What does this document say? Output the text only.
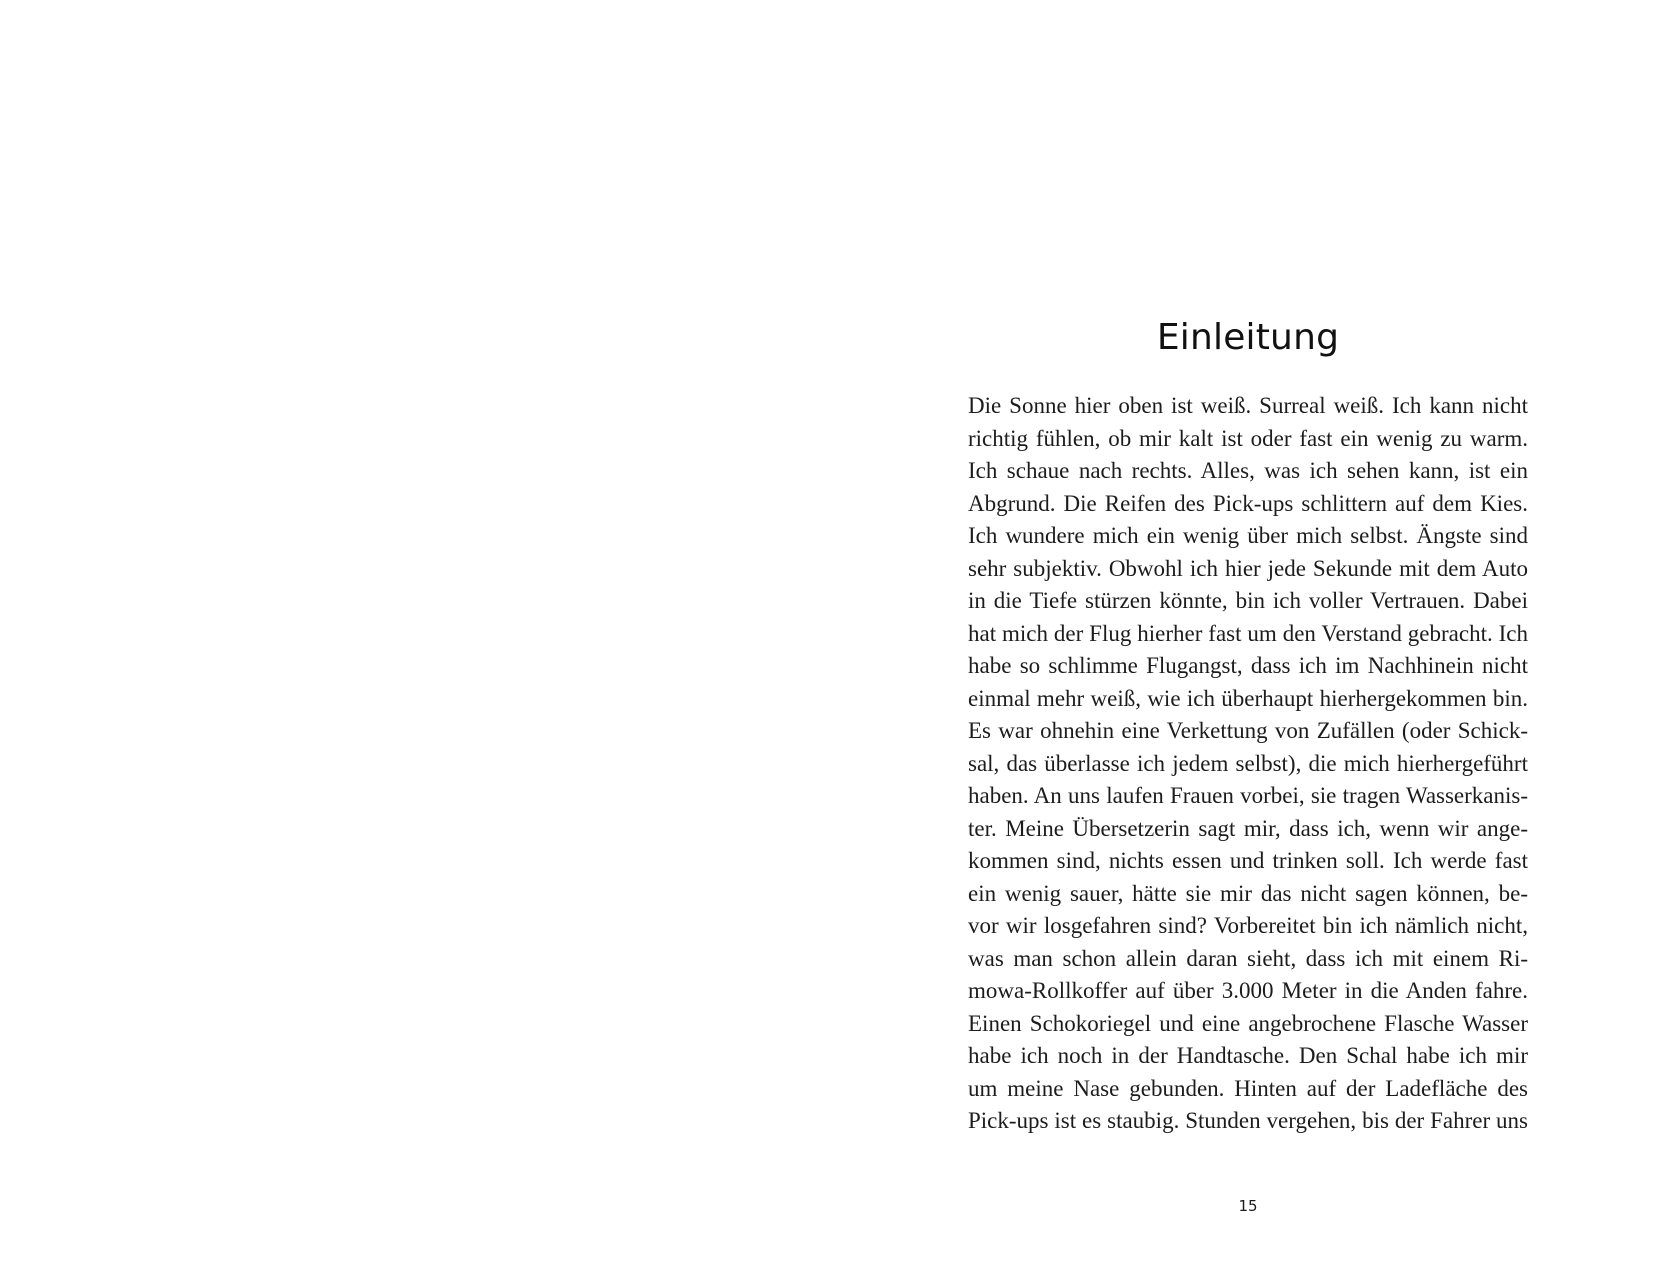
Einleitung
Die Sonne hier oben ist weiß. Surreal weiß. Ich kann nicht
richtig fühlen, ob mir kalt ist oder fast ein wenig zu warm.
Ich schaue nach rechts. Alles, was ich sehen kann, ist ein
Abgrund. Die Reifen des Pick-ups schlittern auf dem Kies.
Ich wundere mich ein wenig über mich selbst. Ängste sind
sehr subjektiv. Obwohl ich hier jede Sekunde mit dem Auto
in die Tiefe stürzen könnte, bin ich voller Vertrauen. Dabei
hat mich der Flug hierher fast um den Verstand gebracht. Ich
habe so schlimme Flugangst, dass ich im Nachhinein nicht
einmal mehr weiß, wie ich überhaupt hierhergekommen bin.
Es war ohnehin eine Verkettung von Zufällen (oder Schick-
sal, das überlasse ich jedem selbst), die mich hierhergeführt
haben. An uns laufen Frauen vorbei, sie tragen Wasserkanis-
ter. Meine Übersetzerin sagt mir, dass ich, wenn wir ange-
kommen sind, nichts essen und trinken soll. Ich werde fast
ein wenig sauer, hätte sie mir das nicht sagen können, be-
vor wir losgefahren sind? Vorbereitet bin ich nämlich nicht,
was man schon allein daran sieht, dass ich mit einem Ri-
mowa-Rollkoffer auf über 3.000 Meter in die Anden fahre.
Einen Schokoriegel und eine angebrochene Flasche Wasser
habe ich noch in der Handtasche. Den Schal habe ich mir
um meine Nase gebunden. Hinten auf der Ladefläche des
Pick-ups ist es staubig. Stunden vergehen, bis der Fahrer uns
15
